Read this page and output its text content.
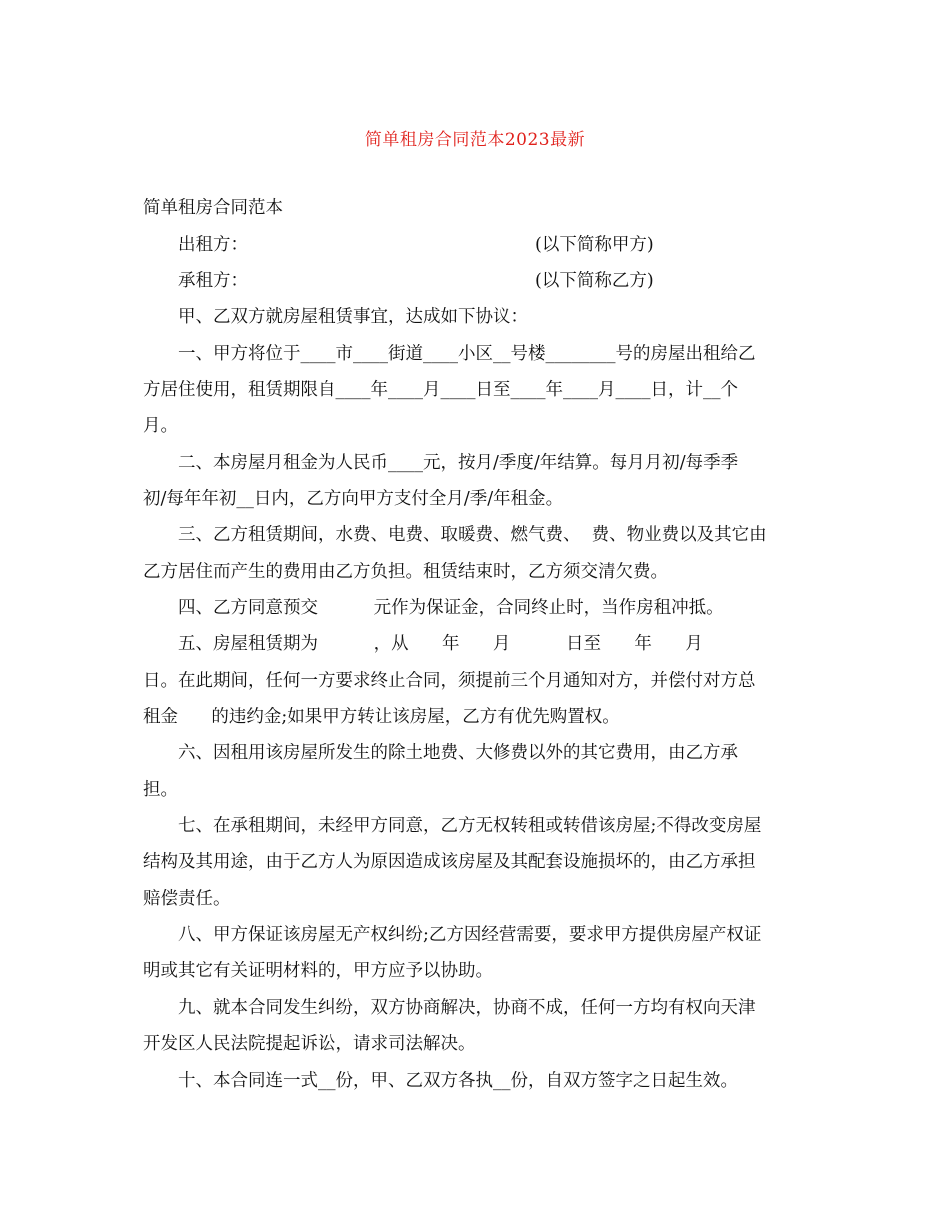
简单租房合同范本2023最新
简单租房合同范本
出租方：	(以下简称甲方)
承租方：	(以下简称乙方)
甲、乙双方就房屋租赁事宜，达成如下协议：
一、甲方将位于____市____街道____小区__号楼________号的房屋出租给乙
方居住使用，租赁期限自____年____月____日至____年____月____日，计__个
月。
二、本房屋月租金为人民币____元，按月/季度/年结算。每月月初/每季季
初/每年年初__日内，乙方向甲方支付全月/季/年租金。
三、乙方租赁期间，水费、电费、取暖费、燃气费、  费、物业费以及其它由
乙方居住而产生的费用由乙方负担。租赁结束时，乙方须交清欠费。
四、乙方同意预交          元作为保证金，合同终止时，当作房租冲抵。
五、房屋租赁期为          ，从      年      月          日至      年      月
日。在此期间，任何一方要求终止合同，须提前三个月通知对方，并偿付对方总
租金      的违约金;如果甲方转让该房屋，乙方有优先购置权。
六、因租用该房屋所发生的除土地费、大修费以外的其它费用，由乙方承
担。
七、在承租期间，未经甲方同意，乙方无权转租或转借该房屋;不得改变房屋
结构及其用途，由于乙方人为原因造成该房屋及其配套设施损坏的，由乙方承担
赔偿责任。
八、甲方保证该房屋无产权纠纷;乙方因经营需要，要求甲方提供房屋产权证
明或其它有关证明材料的，甲方应予以协助。
九、就本合同发生纠纷，双方协商解决，协商不成，任何一方均有权向天津
开发区人民法院提起诉讼，请求司法解决。
十、本合同连一式__份，甲、乙双方各执__份，自双方签字之日起生效。
